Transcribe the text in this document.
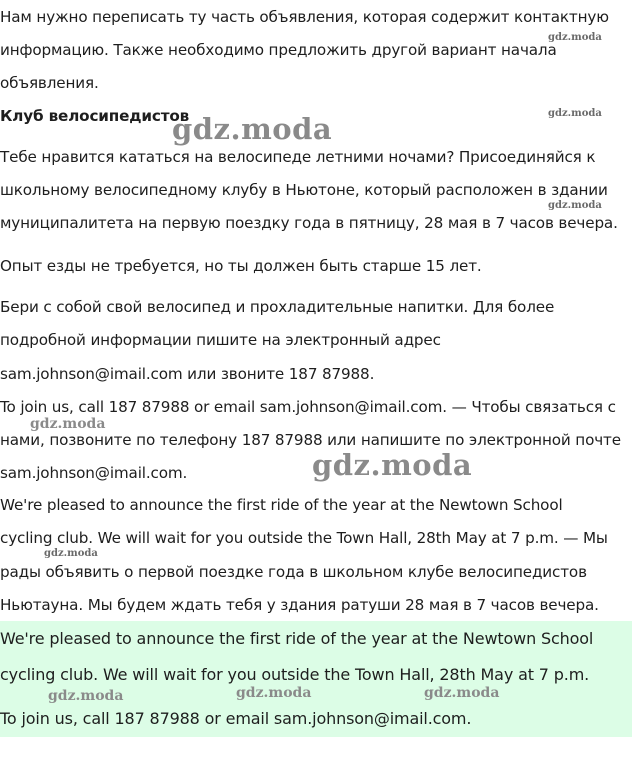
Нам нужно переписать ту часть объявления, которая содержит контактную
информацию. Также необходимо предложить другой вариант начала
объявления.
Клуб велосипедистов
Тебе нравится кататься на велосипеде летними ночами? Присоединяйся к
школьному велосипедному клубу в Ньютоне, который расположен в здании
муниципалитета на первую поездку года в пятницу, 28 мая в 7 часов вечера.
Опыт езды не требуется, но ты должен быть старше 15 лет.
Бери с собой свой велосипед и прохладительные напитки. Для более
подробной информации пишите на электронный адрес
sam.johnson@imail.com или звоните 187 87988.
To join us, call 187 87988 or email sam.johnson@imail.com. — Чтобы связаться с
нами, позвоните по телефону 187 87988 или напишите по электронной почте
sam.johnson@imail.com.
We're pleased to announce the first ride of the year at the Newtown School
cycling club. We will wait for you outside the Town Hall, 28th May at 7 p.m. — Мы
рады объявить о первой поездке года в школьном клубе велосипедистов
Ньютауна. Мы будем ждать тебя у здания ратуши 28 мая в 7 часов вечера.
We're pleased to announce the first ride of the year at the Newtown School
cycling club. We will wait for you outside the Town Hall, 28th May at 7 p.m.
To join us, call 187 87988 or email sam.johnson@imail.com.
gdz.moda
gdz.moda
gdz.moda
gdz.moda
gdz.moda
gdz.moda
gdz.moda
gdz.moda	gdz.moda	gdz.moda
